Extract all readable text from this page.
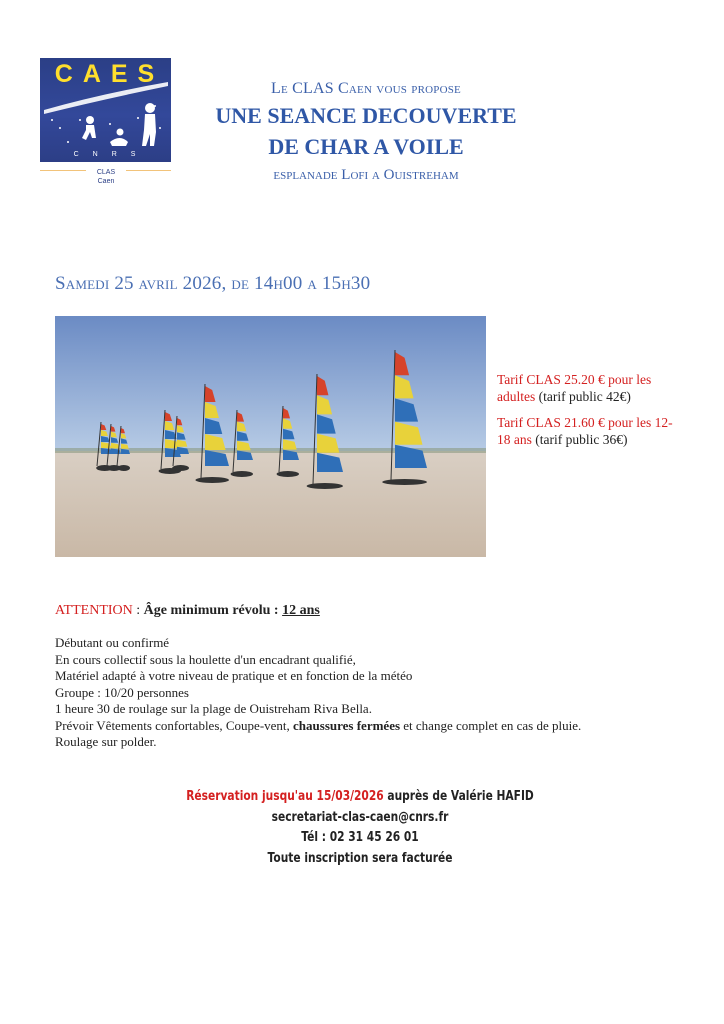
CAES
CNRS
CLAS
Caen
Le CLAS Caen vous propose
UNE SEANCE DECOUVERTE
DE CHAR A VOILE
esplanade Lofi a Ouistreham
Samedi 25 avril 2026, de 14h00 a 15h30
Tarif CLAS 25.20 € pour les adultes (tarif public 42€)
Tarif CLAS 21.60 € pour les 12-18 ans (tarif public 36€)
ATTENTION : Âge minimum révolu : 12 ans
Débutant ou confirmé
En cours collectif sous la houlette d'un encadrant qualifié,
Matériel adapté à votre niveau de pratique et en fonction de la météo
Groupe : 10/20 personnes
1 heure 30 de roulage sur la plage de Ouistreham Riva Bella.
Prévoir Vêtements confortables, Coupe-vent, chaussures fermées et change complet en cas de pluie.
Roulage sur polder.
Réservation jusqu'au 15/03/2026 auprès de Valérie HAFID
secretariat-clas-caen@cnrs.fr
Tél : 02 31 45 26 01
Toute inscription sera facturée
